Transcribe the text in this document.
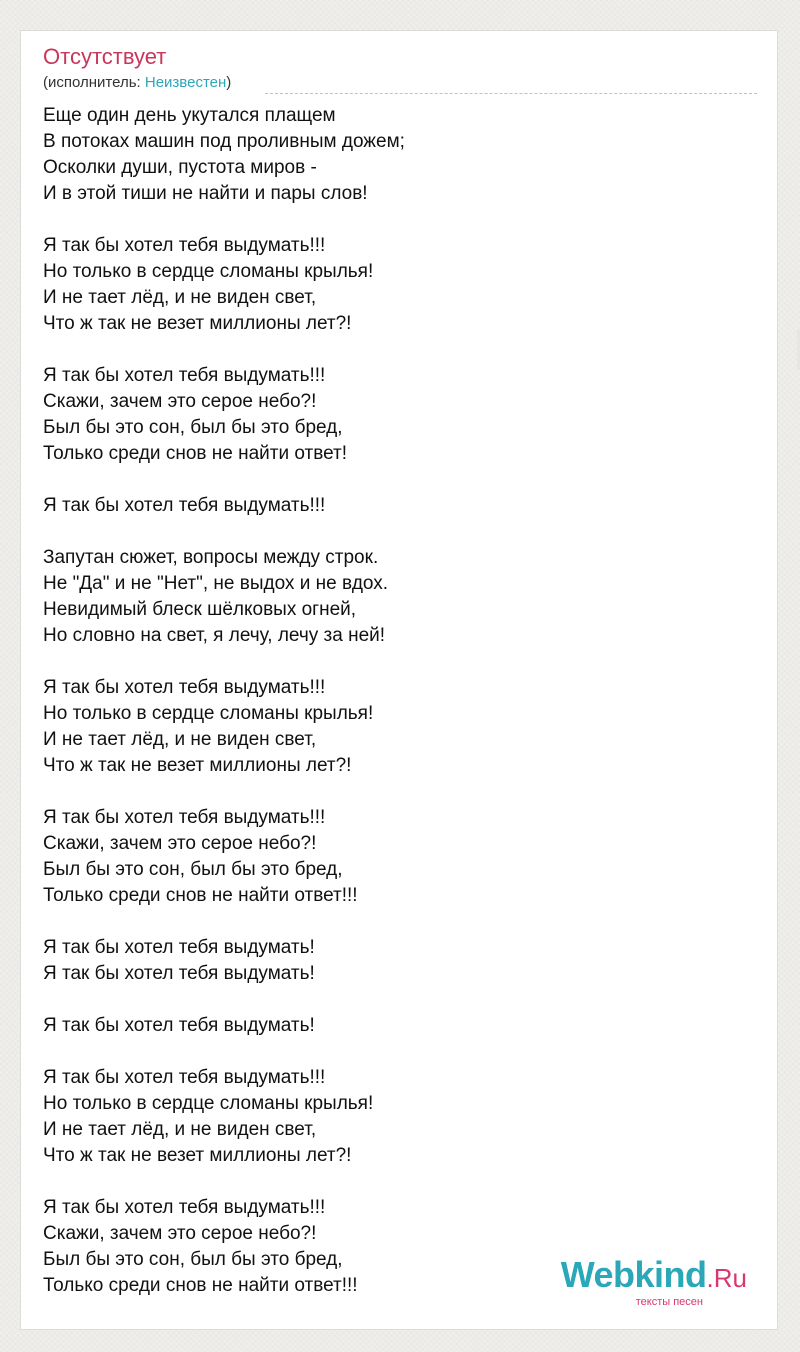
Отсутствует
(исполнитель: Неизвестен)
Еще один день укутался плащем
В потоках машин под проливным дожем;
Осколки души, пустота миров -
И в этой тиши не найти и пары слов!
Я так бы хотел тебя выдумать!!!
Но только в сердце сломаны крылья!
И не тает лёд, и не виден свет,
Что ж так не везет миллионы лет?!
Я так бы хотел тебя выдумать!!!
Скажи, зачем это серое небо?!
Был бы это сон, был бы это бред,
Только среди снов не найти ответ!
Я так бы хотел тебя выдумать!!!
Запутан сюжет, вопросы между строк.
Не "Да" и не "Нет", не выдох и не вдох.
Невидимый блеск шёлковых огней,
Но словно на свет, я лечу, лечу за ней!
Я так бы хотел тебя выдумать!!!
Но только в сердце сломаны крылья!
И не тает лёд, и не виден свет,
Что ж так не везет миллионы лет?!
Я так бы хотел тебя выдумать!!!
Скажи, зачем это серое небо?!
Был бы это сон, был бы это бред,
Только среди снов не найти ответ!!!
Я так бы хотел тебя выдумать!
Я так бы хотел тебя выдумать!
Я так бы хотел тебя выдумать!
Я так бы хотел тебя выдумать!!!
Но только в сердце сломаны крылья!
И не тает лёд, и не виден свет,
Что ж так не везет миллионы лет?!
Я так бы хотел тебя выдумать!!!
Скажи, зачем это серое небо?!
Был бы это сон, был бы это бред,
Только среди снов не найти ответ!!!	Webkind.Ru
тексты песен
